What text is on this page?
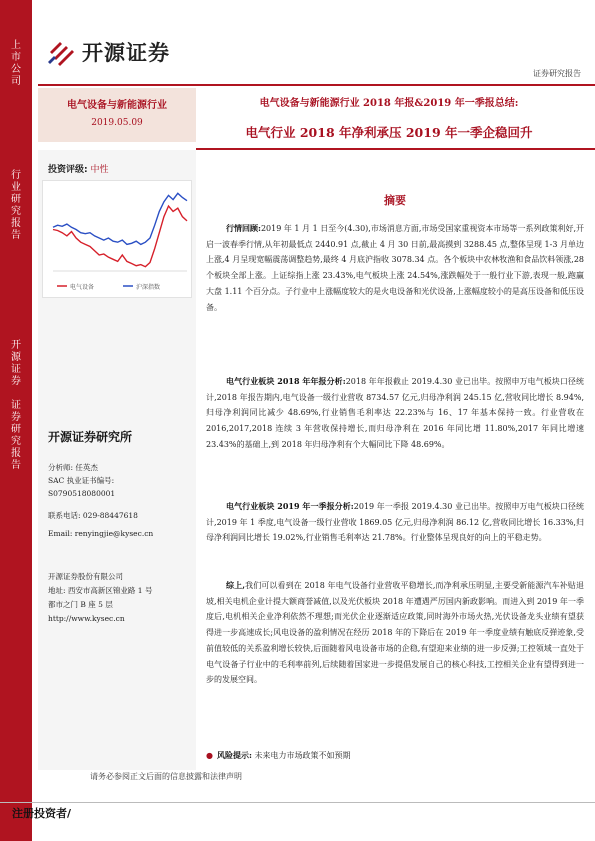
上
市
公
司
行
业
研
究
报
告
开
源
证
券

证
券
研
究
报
告
开源证券
证券研究报告
电气设备与新能源行业
2019.05.09
电气设备与新能源行业 2018 年报&2019 年一季报总结:
电气行业 2018 年净利承压 2019 年一季企稳回升
投资评级: 中性
电气设备	沪深指数
开源证券研究所
分析师: 任英杰
SAC 执业证书编号:
S0790518080001
联系电话: 029-88447618
Email: renyingjie@kysec.cn
开源证券股份有限公司
地址: 西安市高新区锦业路 1 号
都市之门 B 座 5 层
http://www.kysec.cn
摘要

行情回顾:2019 年 1 月 1 日至今(4.30),市场消息方面,市场受国家重视资本市场等一系列政策利好,开启一波春季行情,从年初最低点 2440.91 点,截止 4 月 30 日前,最高摸到 3288.45 点,整体呈现 1-3 月单边上涨,4 月呈现宽幅震荡调整趋势,最终 4 月底沪指收 3078.34 点。各个板块中农林牧渔和食品饮料领涨,28 个板块全部上涨。上证综指上涨 23.43%,电气板块上涨 24.54%,涨跌幅处于一般行业下游,表现一般,跑赢大盘 1.11 个百分点。子行业中上涨幅度较大的是火电设备和光伏设备,上涨幅度较小的是高压设备和低压设备。

电气行业板块 2018 年年报分析:2018 年年报截止 2019.4.30 业已出毕。按照申万电气板块口径统计,2018 年报告期内,电气设备一级行业营收 8734.57 亿元,归母净利润 245.15 亿,营收同比增长 8.94%,归母净利润同比减少 48.69%,行业销售毛利率达 22.23%与 16、17 年基本保持一致。行业营收在 2016,2017,2018 连续 3 年营收保持增长,而归母净利在 2016 年同比增 11.80%,2017 年同比增速 23.43%的基础上,到 2018 年归母净利有个大幅同比下降 48.69%。

电气行业板块 2019 年一季报分析:2019 年一季报 2019.4.30 业已出毕。按照申万电气板块口径统计,2019 年 1 季度,电气设备一级行业营收 1869.05 亿元,归母净利润 86.12 亿,营收同比增长 16.33%,归母净利润同比增长 19.02%,行业销售毛利率达 21.78%。行业整体呈现良好的向上的平稳走势。

综上,我们可以看到在 2018 年电气设备行业营收平稳增长,而净利承压明显,主要受新能源汽车补贴退坡,相关电机企业计提大额商誉减值,以及光伏板块 2018 年遭遇严厉国内新政影响。而进入到 2019 年一季度后,电机相关企业净利依然不理想;而光伏企业逐渐适应政策,同时海外市场火热,光伏设备龙头业绩有望获得进一步高速成长;风电设备的盈利情况在经历 2018 年的下降后在 2019 年一季度业绩有触底反弹迹象,受前值较低的关系盈利增长较快,后面随着风电设备市场的企稳,有望迎来业绩的进一步反弹;工控领域一直处于电气设备子行业中的毛利率前列,后续随着国家进一步提倡发展自己的核心科技,工控相关企业有望得到进一步的发展空间。

● 风险提示: 未来电力市场政策不如预期
请务必参阅正文后面的信息披露和法律声明
注册投资者/
